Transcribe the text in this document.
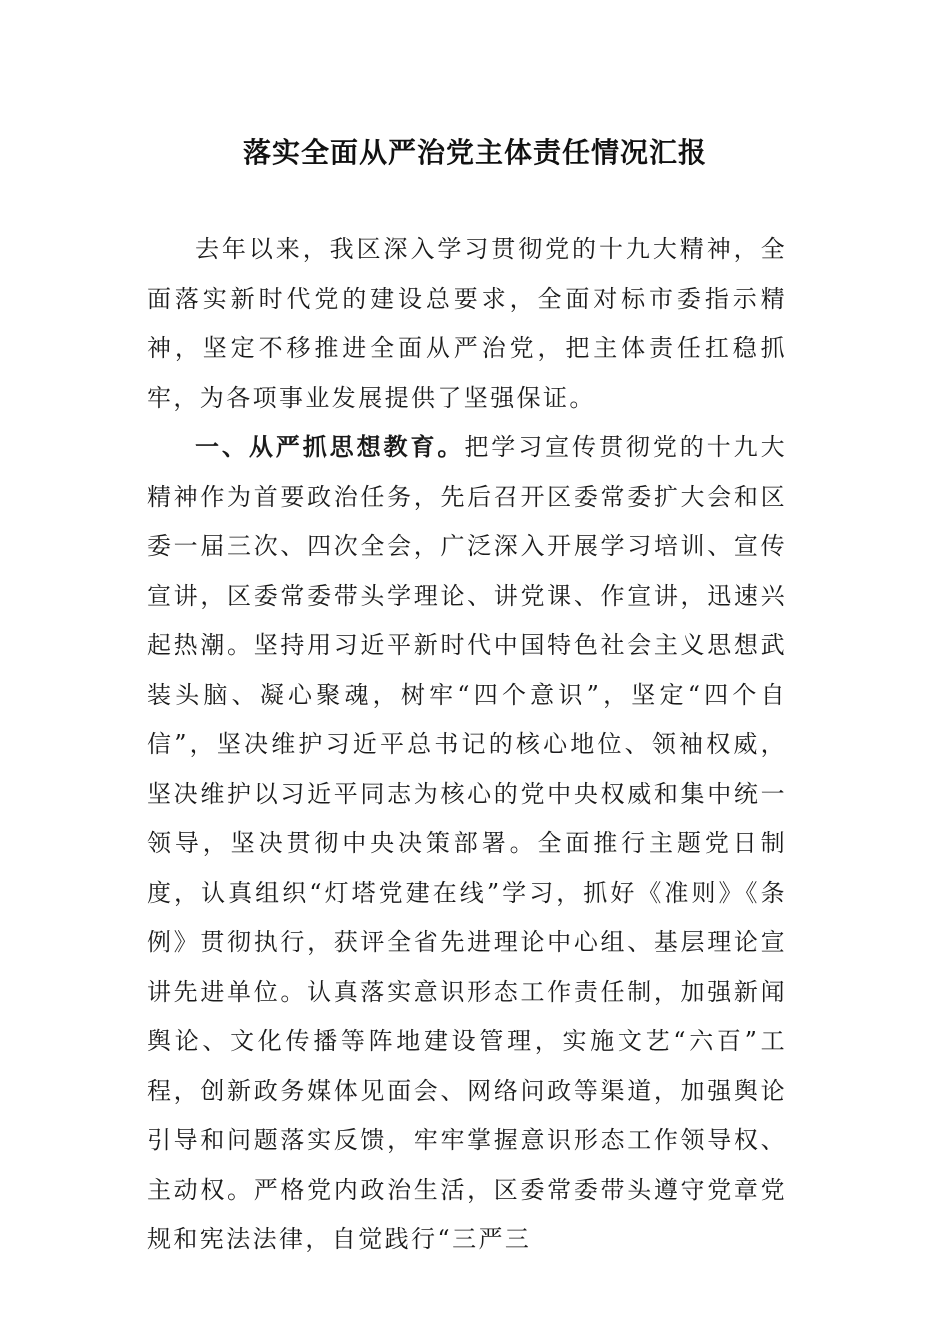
落实全面从严治党主体责任情况汇报

去年以来，我区深入学习贯彻党的十九大精神，全面落实新时代党的建设总要求，全面对标市委指示精神，坚定不移推进全面从严治党，把主体责任扛稳抓牢，为各项事业发展提供了坚强保证。

一、从严抓思想教育。把学习宣传贯彻党的十九大精神作为首要政治任务，先后召开区委常委扩大会和区委一届三次、四次全会，广泛深入开展学习培训、宣传宣讲，区委常委带头学理论、讲党课、作宣讲，迅速兴起热潮。坚持用习近平新时代中国特色社会主义思想武装头脑、凝心聚魂，树牢“四个意识”，坚定“四个自信”，坚决维护习近平总书记的核心地位、领袖权威，坚决维护以习近平同志为核心的党中央权威和集中统一领导，坚决贯彻中央决策部署。全面推行主题党日制度，认真组织“灯塔党建在线”学习，抓好《准则》《条例》贯彻执行，获评全省先进理论中心组、基层理论宣讲先进单位。认真落实意识形态工作责任制，加强新闻舆论、文化传播等阵地建设管理，实施文艺“六百”工程，创新政务媒体见面会、网络问政等渠道，加强舆论引导和问题落实反馈，牢牢掌握意识形态工作领导权、主动权。严格党内政治生活，区委常委带头遵守党章党规和宪法法律，自觉践行“三严三
